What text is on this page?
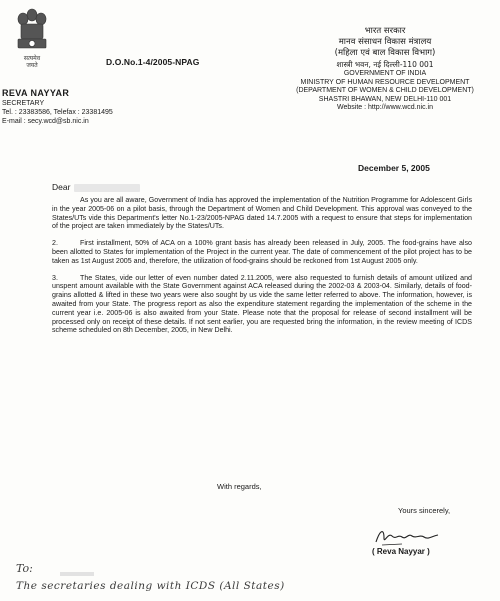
सत्यमेव
जयते	D.O.No.1-4/2005-NPAG
REVA NAYYAR
SECRETARY
Tel. : 23383586, Telefax : 23381495
E-mail : secy.wcd@sb.nic.in
भारत सरकार
मानव संसाधन विकास मंत्रालय
(महिला एवं बाल विकास विभाग)
शास्त्री भवन, नई दिल्ली-110 001
GOVERNMENT OF INDIA
MINISTRY OF HUMAN RESOURCE DEVELOPMENT
(DEPARTMENT OF WOMEN & CHILD DEVELOPMENT)
SHASTRI BHAWAN, NEW DELHI-110 001
Website : http://www.wcd.nic.in
December 5, 2005
Dear

As you are all aware, Government of India has approved the implementation of the Nutrition Programme for Adolescent Girls in the year 2005-06 on a pilot basis, through the Department of Women and Child Development. This approval was conveyed to the States/UTs vide this Department's letter No.1-23/2005-NPAG dated 14.7.2005 with a request to ensure that steps for implementation of the project are taken immediately by the States/UTs.

2.	First installment, 50% of ACA on a 100% grant basis has already been released in July, 2005. The food-grains have also been allotted to States for implementation of the Project in the current year. The date of commencement of the pilot project has to be taken as 1st August 2005 and, therefore, the utilization of food-grains should be reckoned from 1st August 2005 only.

3.	The States, vide our letter of even number dated 2.11.2005, were also requested to furnish details of amount utilized and unspent amount available with the State Government against ACA released during the 2002-03 & 2003-04. Similarly, details of food-grains allotted & lifted in these two years were also sought by us vide the same letter referred to above. The information, however, is awaited from your State. The progress report as also the expenditure statement regarding the implementation of the scheme in the current year i.e. 2005-06 is also awaited from your State. Please note that the proposal for release of second installment will be processed only on receipt of these details. If not sent earlier, you are requested bring the information, in the review meeting of ICDS scheme scheduled on 8th December, 2005, in New Delhi.

With regards,
Yours sincerely,
( Reva Nayyar )
To:
The secretaries dealing with ICDS (All States)
